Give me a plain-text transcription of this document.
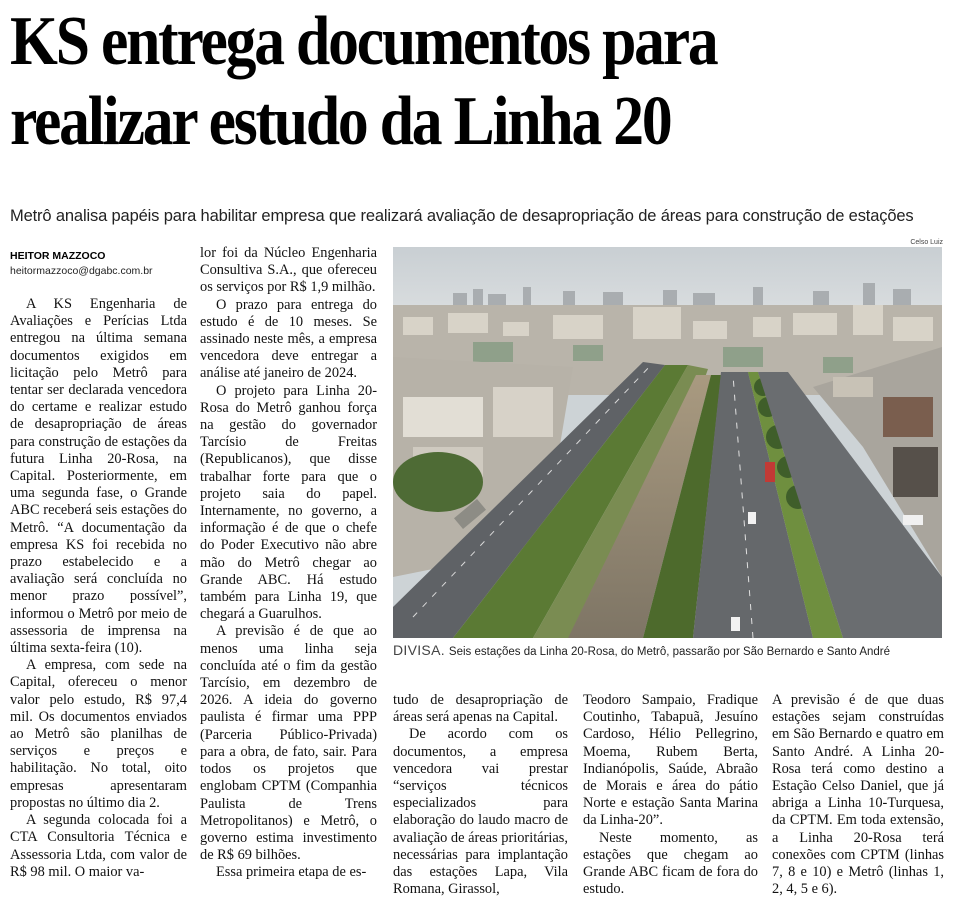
KS entrega documentos para
realizar estudo da Linha 20
Metrô analisa papéis para habilitar empresa que realizará avaliação de desapropriação de áreas para construção de estações
HEITOR MAZZOCO
heitormazzoco@dgabc.com.br

A KS Engenharia de Avaliações e Perícias Ltda entregou na última semana documentos exigidos em licitação pelo Metrô para tentar ser declarada vencedora do certame e realizar estudo de desapropriação de áreas para construção de estações da futura Linha 20-Rosa, na Capital. Posteriormente, em uma segunda fase, o Grande ABC receberá seis estações do Metrô. “A documentação da empresa KS foi recebida no prazo estabelecido e a avaliação será concluída no menor prazo possível”, informou o Metrô por meio de assessoria de imprensa na última sexta-feira (10).

A empresa, com sede na Capital, ofereceu o menor valor pelo estudo, R$ 97,4 mil. Os documentos enviados ao Metrô são planilhas de serviços e preços e habilitação. No total, oito empresas apresentaram propostas no último dia 2.

A segunda colocada foi a CTA Consultoria Técnica e Assessoria Ltda, com valor de R$ 98 mil. O maior va-

lor foi da Núcleo Engenharia Consultiva S.A., que ofereceu os serviços por R$ 1,9 milhão.

O prazo para entrega do estudo é de 10 meses. Se assinado neste mês, a empresa vencedora deve entregar a análise até janeiro de 2024.

O projeto para Linha 20-Rosa do Metrô ganhou força na gestão do governador Tarcísio de Freitas (Republicanos), que disse trabalhar forte para que o projeto saia do papel. Internamente, no governo, a informação é de que o chefe do Poder Executivo não abre mão do Metrô chegar ao Grande ABC. Há estudo também para Linha 19, que chegará a Guarulhos.

A previsão é de que ao menos uma linha seja concluída até o fim da gestão Tarcísio, em dezembro de 2026. A ideia do governo paulista é firmar uma PPP (Parceria Público-Privada) para a obra, de fato, sair. Para todos os projetos que englobam CPTM (Companhia Paulista de Trens Metropolitanos) e Metrô, o governo estima investimento de R$ 69 bilhões.

Essa primeira etapa de es-

Celso Luiz
DIVISA. Seis estações da Linha 20-Rosa, do Metrô, passarão por São Bernardo e Santo André

tudo de desapropriação de áreas será apenas na Capital.

De acordo com os documentos, a empresa vencedora vai prestar “serviços técnicos especializados para elaboração do laudo macro de avaliação de áreas prioritárias, necessárias para implantação das estações Lapa, Vila Romana, Girassol,

Teodoro Sampaio, Fradique Coutinho, Tabapuã, Jesuíno Cardoso, Hélio Pellegrino, Moema, Rubem Berta, Indianópolis, Saúde, Abraão de Morais e área do pátio Norte e estação Santa Marina da Linha-20”.

Neste momento, as estações que chegam ao Grande ABC ficam de fora do estudo.

A previsão é de que duas estações sejam construídas em São Bernardo e quatro em Santo André. A Linha 20-Rosa terá como destino a Estação Celso Daniel, que já abriga a Linha 10-Turquesa, da CPTM. Em toda extensão, a Linha 20-Rosa terá conexões com CPTM (linhas 7, 8 e 10) e Metrô (linhas 1, 2, 4, 5 e 6).
